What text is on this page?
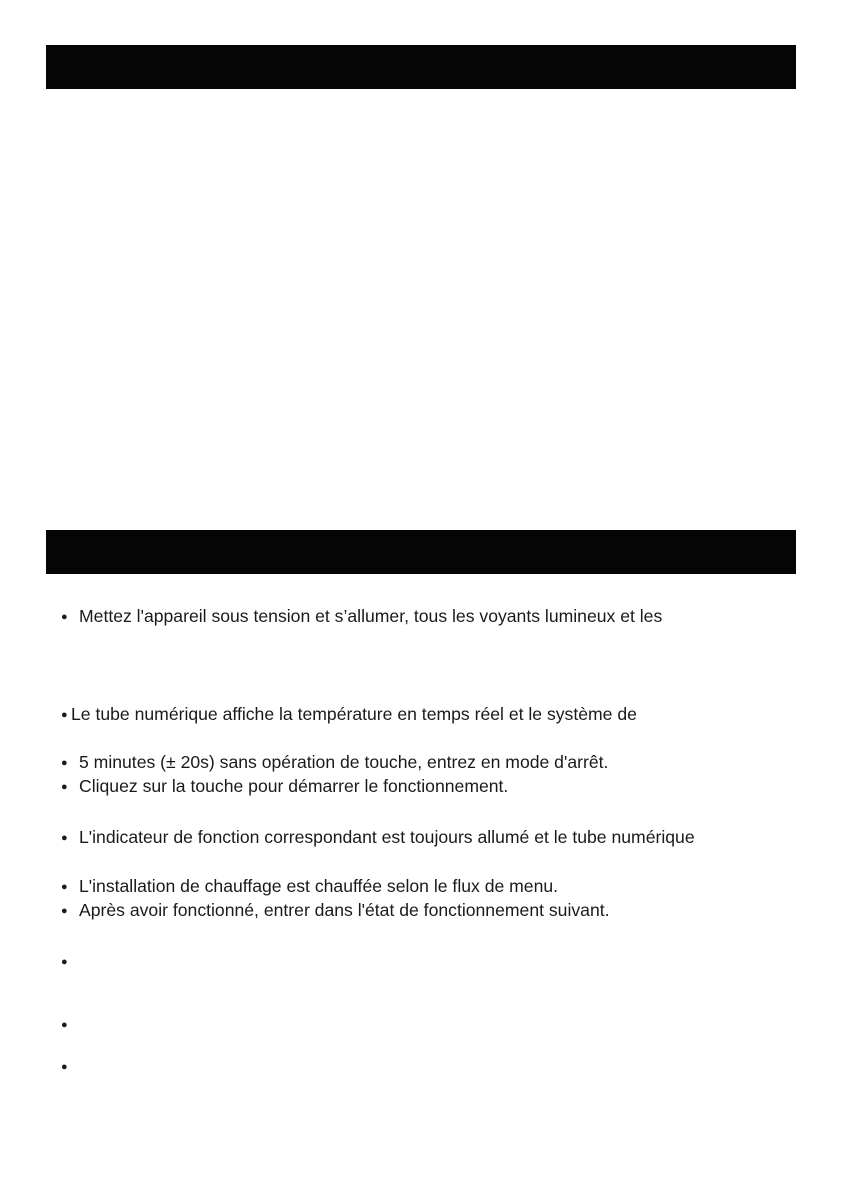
●Mettez l'appareil sous tension et s’allumer, tous les voyants lumineux et les

●Le tube numérique affiche la température en temps réel et le système de

●5 minutes (± 20s) sans opération de touche, entrez en mode d'arrêt.

●Cliquez sur la touche pour démarrer le fonctionnement.

●L'indicateur de fonction correspondant est toujours allumé et le tube numérique

●L'installation de chauffage est chauffée selon le flux de menu.

●Après avoir fonctionné, entrer dans l'état de fonctionnement suivant.

●

●

●
